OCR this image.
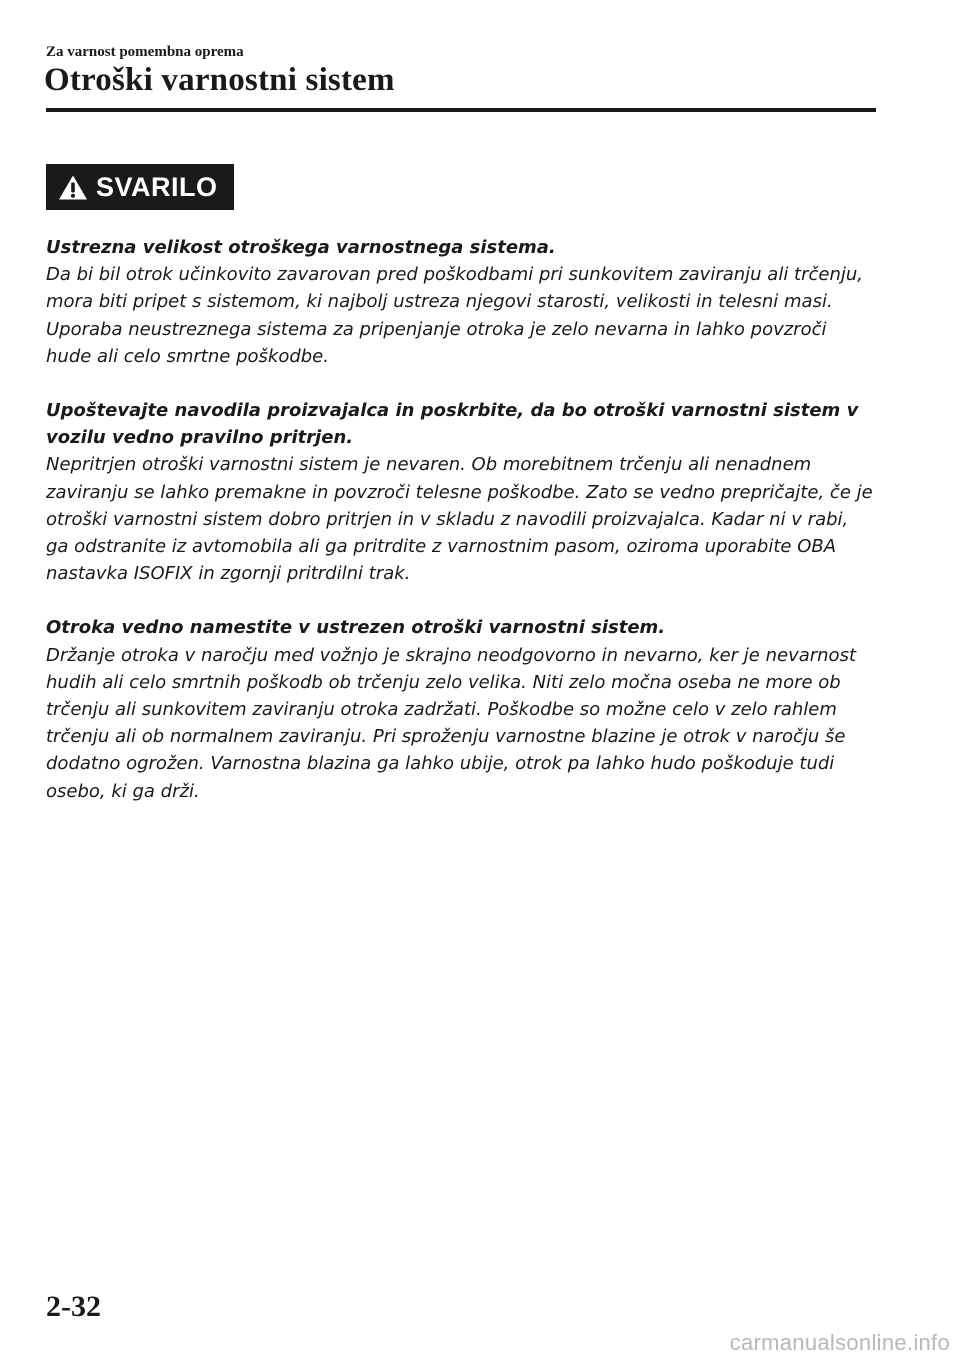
Za varnost pomembna oprema
Otroški varnostni sistem
SVARILO

Ustrezna velikost otroškega varnostnega sistema.

Da bi bil otrok učinkovito zavarovan pred poškodbami pri sunkovitem zaviranju ali trčenju, mora biti pripet s sistemom, ki najbolj ustreza njegovi starosti, velikosti in telesni masi. Uporaba neustreznega sistema za pripenjanje otroka je zelo nevarna in lahko povzroči hude ali celo smrtne poškodbe.

Upoštevajte navodila proizvajalca in poskrbite, da bo otroški varnostni sistem v vozilu vedno pravilno pritrjen.

Nepritrjen otroški varnostni sistem je nevaren. Ob morebitnem trčenju ali nenadnem zaviranju se lahko premakne in povzroči telesne poškodbe. Zato se vedno prepričajte, če je otroški varnostni sistem dobro pritrjen in v skladu z navodili proizvajalca. Kadar ni v rabi, ga odstranite iz avtomobila ali ga pritrdite z varnostnim pasom, oziroma uporabite OBA nastavka ISOFIX in zgornji pritrdilni trak.

Otroka vedno namestite v ustrezen otroški varnostni sistem.

Držanje otroka v naročju med vožnjo je skrajno neodgovorno in nevarno, ker je nevarnost hudih ali celo smrtnih poškodb ob trčenju zelo velika. Niti zelo močna oseba ne more ob trčenju ali sunkovitem zaviranju otroka zadržati. Poškodbe so možne celo v zelo rahlem trčenju ali ob normalnem zaviranju. Pri sproženju varnostne blazine je otrok v naročju še dodatno ogrožen. Varnostna blazina ga lahko ubije, otrok pa lahko hudo poškoduje tudi osebo, ki ga drži.

2-32
carmanualsonline.info
